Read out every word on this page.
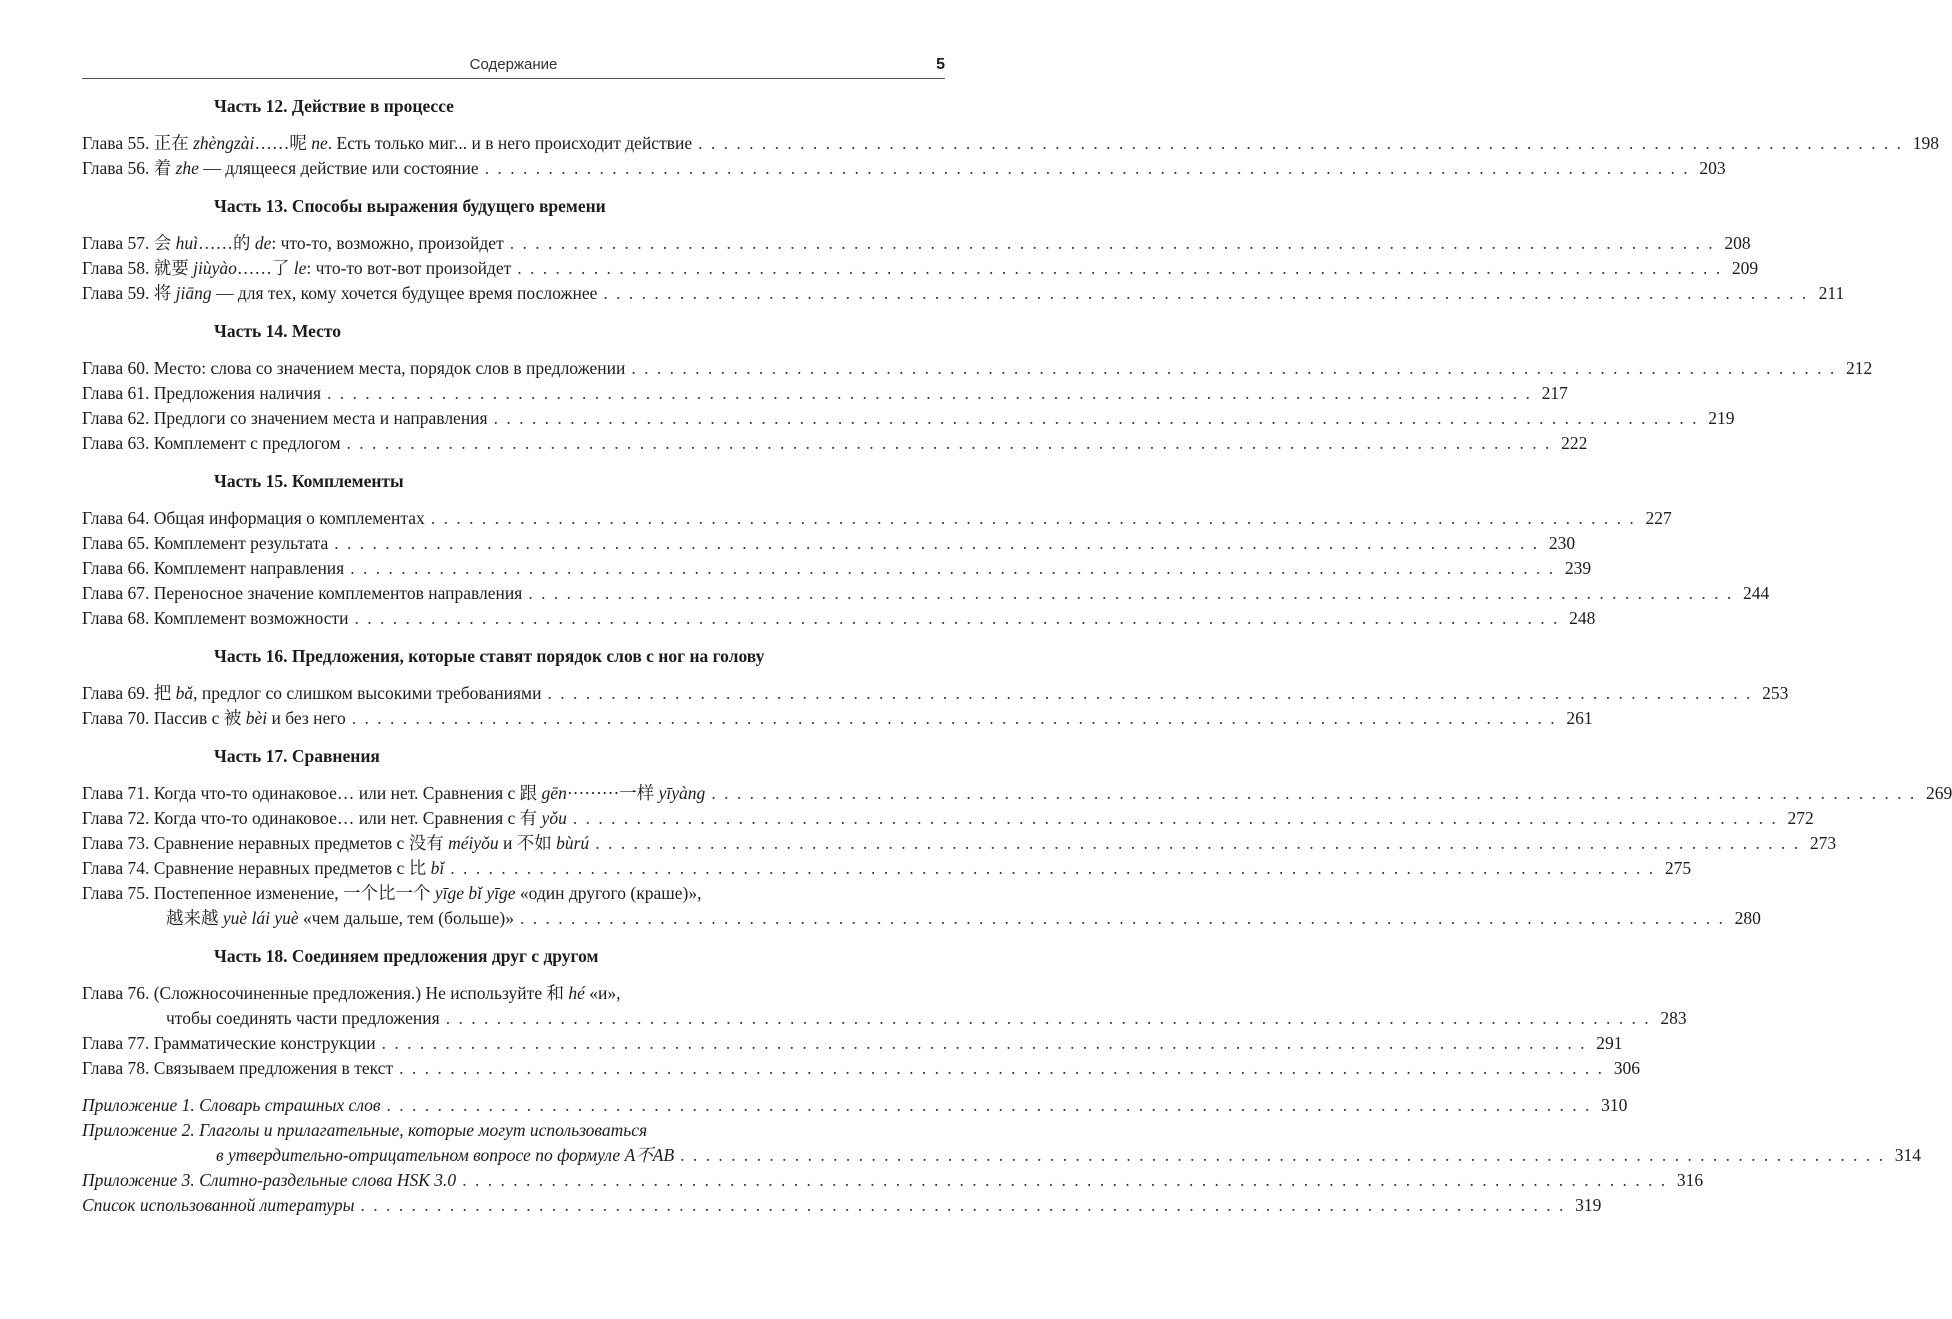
Содержание	5
Часть 12. Действие в процессе
Глава 55. 正在 zhèngzài……呢 ne. Есть только миг... и в него происходит действие . . .	198
Глава 56. 着 zhe — длящееся действие или состояние . . .	203
Часть 13. Способы выражения будущего времени
Глава 57. 会 huì……的 de: что-то, возможно, произойдет . . .	208
Глава 58. 就要 jiùyào……了 le: что-то вот-вот произойдет . . .	209
Глава 59. 将 jiāng — для тех, кому хочется будущее время посложнее . . .	211
Часть 14. Место
Глава 60. Место: слова со значением места, порядок слов в предложении . . .	212
Глава 61. Предложения наличия . . .	217
Глава 62. Предлоги со значением места и направления . . .	219
Глава 63. Комплемент с предлогом . . .	222
Часть 15. Комплементы
Глава 64. Общая информация о комплементах . . .	227
Глава 65. Комплемент результата . . .	230
Глава 66. Комплемент направления . . .	239
Глава 67. Переносное значение комплементов направления . . .	244
Глава 68. Комплемент возможности . . .	248
Часть 16. Предложения, которые ставят порядок слов с ног на голову
Глава 69. 把 bǎ, предлог со слишком высокими требованиями . . .	253
Глава 70. Пассив с 被 bèi и без него . . .	261
Часть 17. Сравнения
Глава 71. Когда что-то одинаковое… или нет. Сравнения с 跟 gēn·········一样 yīyàng . . .	269
Глава 72. Когда что-то одинаковое… или нет. Сравнения с 有 yǒu . . .	272
Глава 73. Сравнение неравных предметов с 没有 méiyǒu и 不如 bùrú . . .	273
Глава 74. Сравнение неравных предметов с 比 bǐ . . .	275
Глава 75. Постепенное изменение, 一个比一个 yīge bǐ yīge «один другого (краше)»,
越来越 yuè lái yuè «чем дальше, тем (больше)» . . .	280
Часть 18. Соединяем предложения друг с другом
Глава 76. (Сложносочиненные предложения.) Не используйте 和 hé «и»,
чтобы соединять части предложения . . .	283
Глава 77. Грамматические конструкции . . .	291
Глава 78. Связываем предложения в текст . . .	306
Приложение 1. Словарь страшных слов . . .	310
Приложение 2. Глаголы и прилагательные, которые могут использоваться
в утвердительно-отрицательном вопросе по формуле A不AB . . .	314
Приложение 3. Слитно-раздельные слова HSK 3.0 . . .	316
Список использованной литературы . . .	319
